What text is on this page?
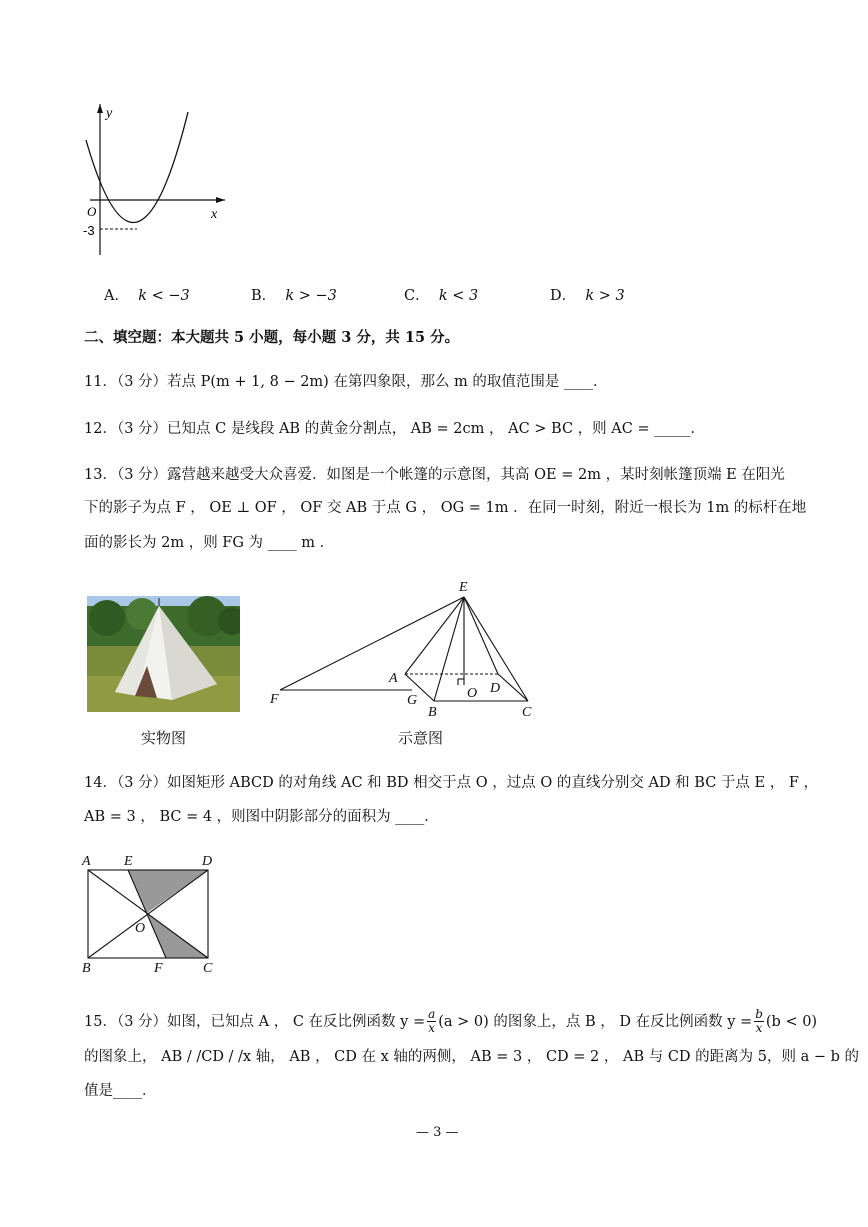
y
x
O
-3
A． k < −3	B． k > −3	C． k < 3	D． k > 3
二、填空题：本大题共 5 小题，每小题 3 分，共 15 分。
11．（3 分）若点 P(m + 1, 8 − 2m) 在第四象限，那么 m 的取值范围是 ____．
12．（3 分）已知点 C 是线段 AB 的黄金分割点， AB = 2cm ， AC > BC ，则 AC = _____．
13．（3 分）露营越来越受大众喜爱．如图是一个帐篷的示意图，其高 OE = 2m ，某时刻帐篷顶端 E 在阳光
下的影子为点 F ， OE ⊥ OF ， OF 交 AB 于点 G ， OG = 1m ．在同一时刻，附近一根长为 1m 的标杆在地
面的影长为 2m ，则 FG 为 ____ m ．
实物图
E
A
O D
F	G
B	C
示意图
14．（3 分）如图矩形 ABCD 的对角线 AC 和 BD 相交于点 O ，过点 O 的直线分别交 AD 和 BC 于点 E ， F ，
AB = 3 ， BC = 4 ，则图中阴影部分的面积为 ____．
A E	D
O
B	F	C
15．（3 分）如图，已知点 A ， C 在反比例函数 $y = \frac{a}{x} (a > 0)$ 的图象上，点 B ， D 在反比例函数 $y = \frac{b}{x} (b < 0)$
的图象上， AB / /CD / /x 轴， AB ， CD 在 x 轴的两侧， AB = 3 ， CD = 2 ， AB 与 CD 的距离为 5，则 a − b 的
值是____．
— 3 —
